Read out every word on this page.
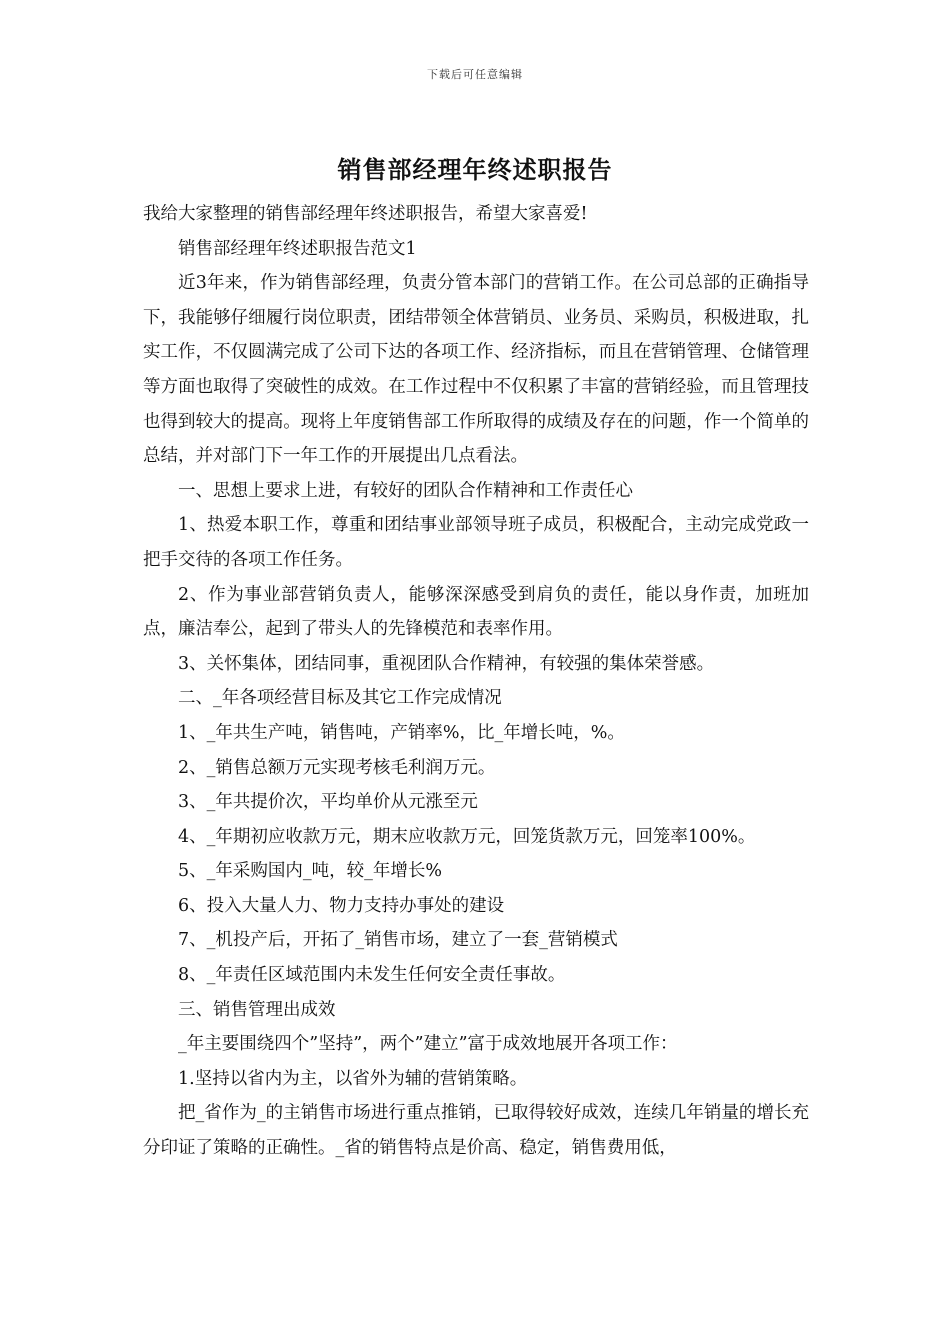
下载后可任意编辑
销售部经理年终述职报告

我给大家整理的销售部经理年终述职报告，希望大家喜爱!

销售部经理年终述职报告范文1

近3年来，作为销售部经理，负责分管本部门的营销工作。在公司总部的正确指导下，我能够仔细履行岗位职责，团结带领全体营销员、业务员、采购员，积极进取，扎实工作，不仅圆满完成了公司下达的各项工作、经济指标，而且在营销管理、仓储管理等方面也取得了突破性的成效。在工作过程中不仅积累了丰富的营销经验，而且管理技也得到较大的提高。现将上年度销售部工作所取得的成绩及存在的问题，作一个简单的总结，并对部门下一年工作的开展提出几点看法。

一、思想上要求上进，有较好的团队合作精神和工作责任心

1、热爱本职工作，尊重和团结事业部领导班子成员，积极配合，主动完成党政一把手交待的各项工作任务。

2、作为事业部营销负责人，能够深深感受到肩负的责任，能以身作责，加班加点，廉洁奉公，起到了带头人的先锋模范和表率作用。

3、关怀集体，团结同事，重视团队合作精神，有较强的集体荣誉感。

二、_年各项经营目标及其它工作完成情况

1、_年共生产吨，销售吨，产销率%，比_年增长吨，%。

2、_销售总额万元实现考核毛利润万元。

3、_年共提价次，平均单价从元涨至元

4、_年期初应收款万元，期末应收款万元，回笼货款万元，回笼率100%。

5、_年采购国内_吨，较_年增长%

6、投入大量人力、物力支持办事处的建设

7、_机投产后，开拓了_销售市场，建立了一套_营销模式

8、_年责任区域范围内未发生任何安全责任事故。

三、销售管理出成效

_年主要围绕四个”坚持”，两个”建立”富于成效地展开各项工作：

1.坚持以省内为主，以省外为辅的营销策略。

把_省作为_的主销售市场进行重点推销，已取得较好成效，连续几年销量的增长充分印证了策略的正确性。_省的销售特点是价高、稳定，销售费用低，
